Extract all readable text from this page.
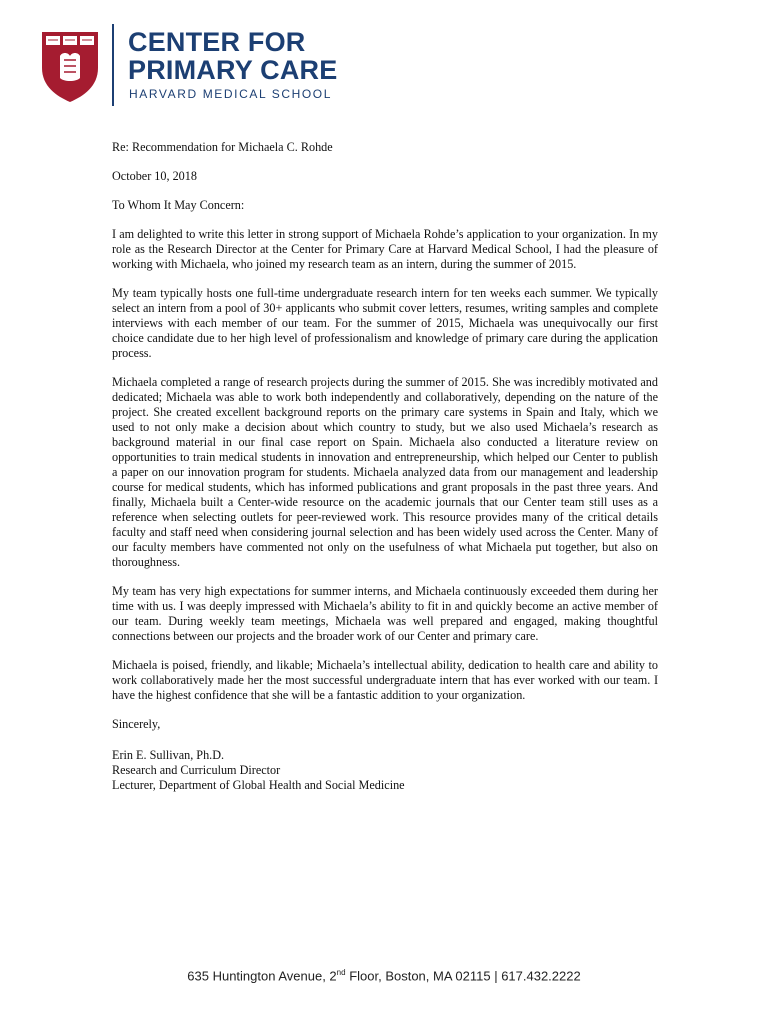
CENTER FOR
PRIMARY CARE

HARVARD MEDICAL SCHOOL

Re: Recommendation for Michaela C. Rohde

October 10, 2018

To Whom It May Concern:

I am delighted to write this letter in strong support of Michaela Rohde’s application to your organization. In my role as the Research Director at the Center for Primary Care at Harvard Medical School, I had the pleasure of working with Michaela, who joined my research team as an intern, during the summer of 2015.

My team typically hosts one full-time undergraduate research intern for ten weeks each summer. We typically select an intern from a pool of 30+ applicants who submit cover letters, resumes, writing samples and complete interviews with each member of our team. For the summer of 2015, Michaela was unequivocally our first choice candidate due to her high level of professionalism and knowledge of primary care during the application process.

Michaela completed a range of research projects during the summer of 2015. She was incredibly motivated and dedicated; Michaela was able to work both independently and collaboratively, depending on the nature of the project. She created excellent background reports on the primary care systems in Spain and Italy, which we used to not only make a decision about which country to study, but we also used Michaela’s research as background material in our final case report on Spain. Michaela also conducted a literature review on opportunities to train medical students in innovation and entrepreneurship, which helped our Center to publish a paper on our innovation program for students. Michaela analyzed data from our management and leadership course for medical students, which has informed publications and grant proposals in the past three years. And finally, Michaela built a Center-wide resource on the academic journals that our Center team still uses as a reference when selecting outlets for peer-reviewed work. This resource provides many of the critical details faculty and staff need when considering journal selection and has been widely used across the Center. Many of our faculty members have commented not only on the usefulness of what Michaela put together, but also on thoroughness.

My team has very high expectations for summer interns, and Michaela continuously exceeded them during her time with us. I was deeply impressed with Michaela’s ability to fit in and quickly become an active member of our team. During weekly team meetings, Michaela was well prepared and engaged, making thoughtful connections between our projects and the broader work of our Center and primary care.

Michaela is poised, friendly, and likable; Michaela’s intellectual ability, dedication to health care and ability to work collaboratively made her the most successful undergraduate intern that has ever worked with our team. I have the highest confidence that she will be a fantastic addition to your organization.

Sincerely,

Erin E. Sullivan, Ph.D.
Research and Curriculum Director
Lecturer, Department of Global Health and Social Medicine
635 Huntington Avenue, 2nd Floor, Boston, MA 02115 | 617.432.2222
